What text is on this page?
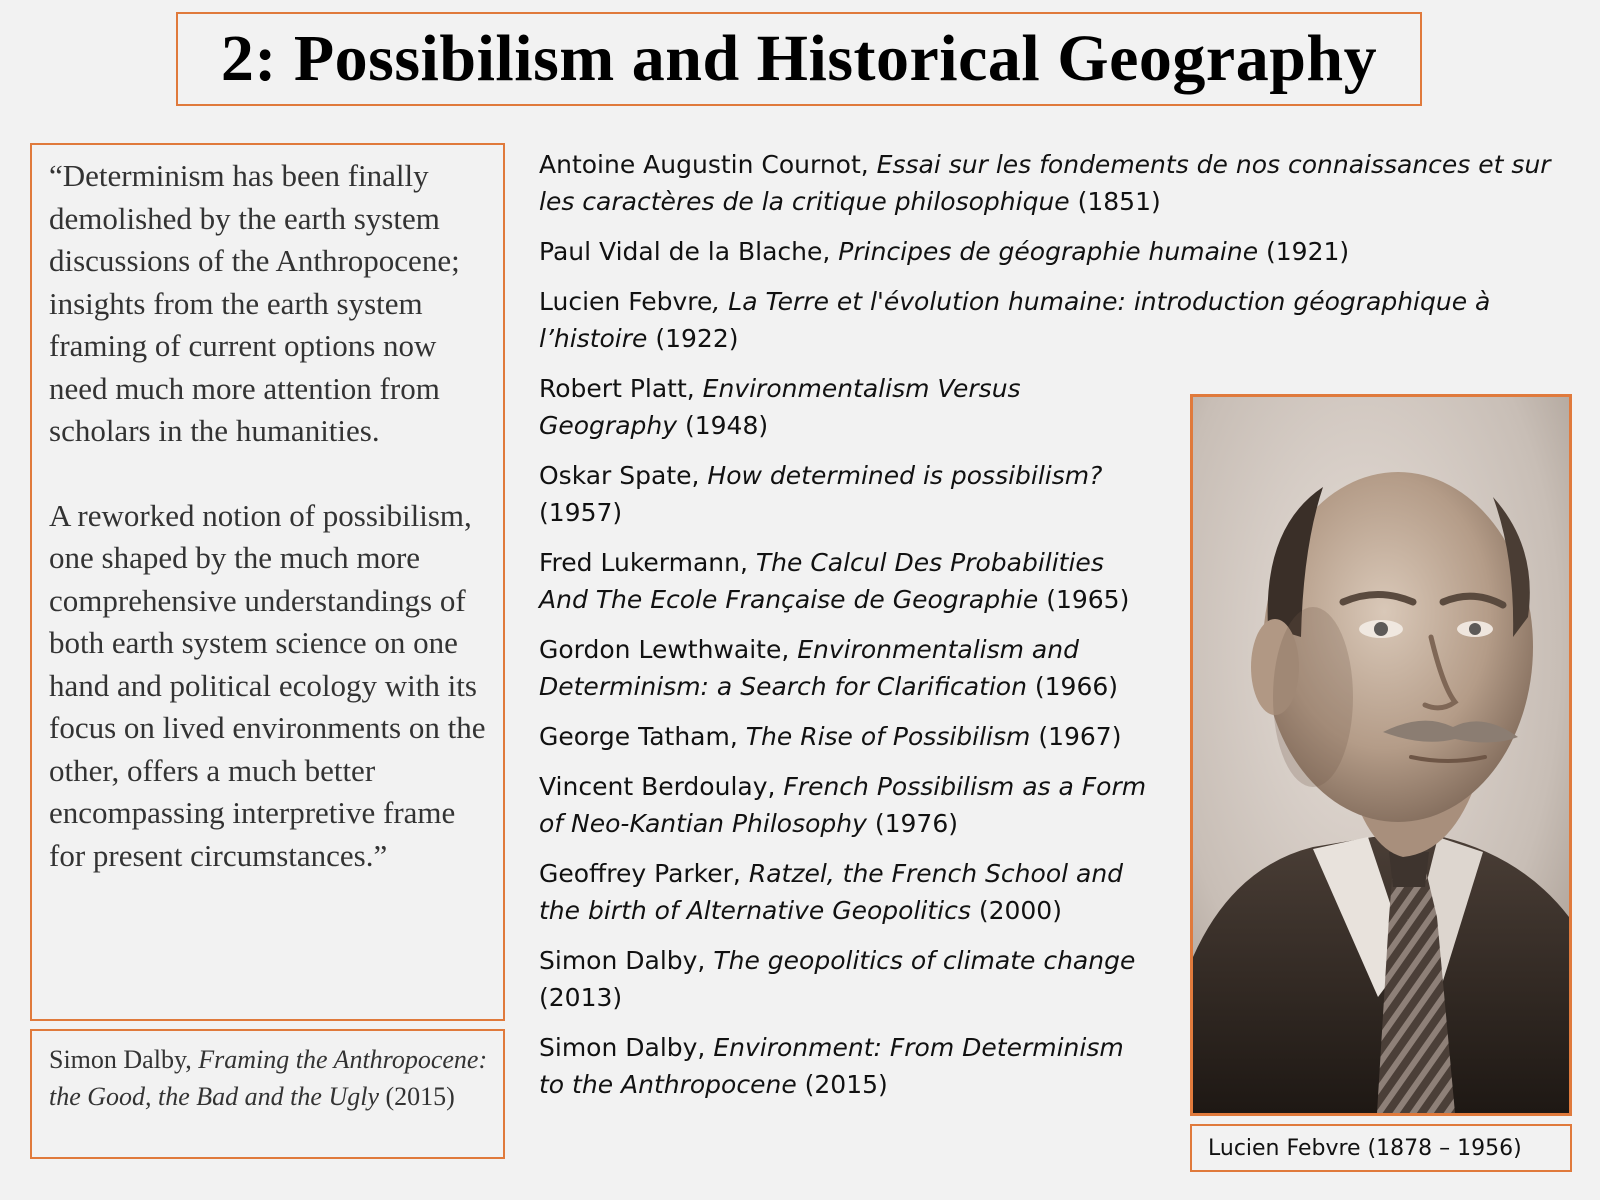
2: Possibilism and Historical Geography

“Determinism has been finally demolished by the earth system discussions of the Anthropocene; insights from the earth system framing of current options now need much more attention from scholars in the humanities.

A reworked notion of possibilism, one shaped by the much more comprehensive understandings of both earth system science on one hand and political ecology with its focus on lived environments on the other, offers a much better encompassing interpretive frame for present circumstances.”

Simon Dalby, Framing the Anthropocene: the Good, the Bad and the Ugly (2015)
Antoine Augustin Cournot, Essai sur les fondements de nos connaissances et sur les caractères de la critique philosophique (1851)
Paul Vidal de la Blache, Principes de géographie humaine (1921)
Lucien Febvre, La Terre et l'évolution humaine: introduction géographique à l’histoire (1922)
Robert Platt, Environmentalism Versus Geography (1948)
Oskar Spate, How determined is possibilism? (1957)
Fred Lukermann, The Calcul Des Probabilities And The Ecole Française de Geographie (1965)
Gordon Lewthwaite, Environmentalism and Determinism: a Search for Clarification (1966)
George Tatham, The Rise of Possibilism (1967)
Vincent Berdoulay, French Possibilism as a Form of Neo-Kantian Philosophy (1976)
Geoffrey Parker, Ratzel, the French School and the birth of Alternative Geopolitics (2000)
Simon Dalby, The geopolitics of climate change (2013)
Simon Dalby, Environment: From Determinism to the Anthropocene (2015)
Lucien Febvre (1878 – 1956)
